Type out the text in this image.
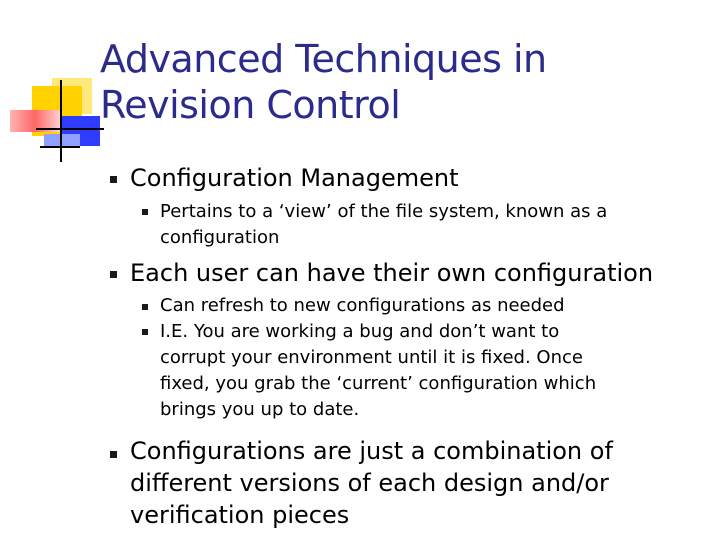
Advanced Techniques in
Revision Control
Configuration Management
Pertains to a ‘view’ of the file system, known as a
configuration
Each user can have their own configuration
Can refresh to new configurations as needed
I.E. You are working a bug and don’t want to
corrupt your environment until it is fixed. Once
fixed, you grab the ‘current’ configuration which
brings you up to date.
Configurations are just a combination of
different versions of each design and/or
verification pieces
